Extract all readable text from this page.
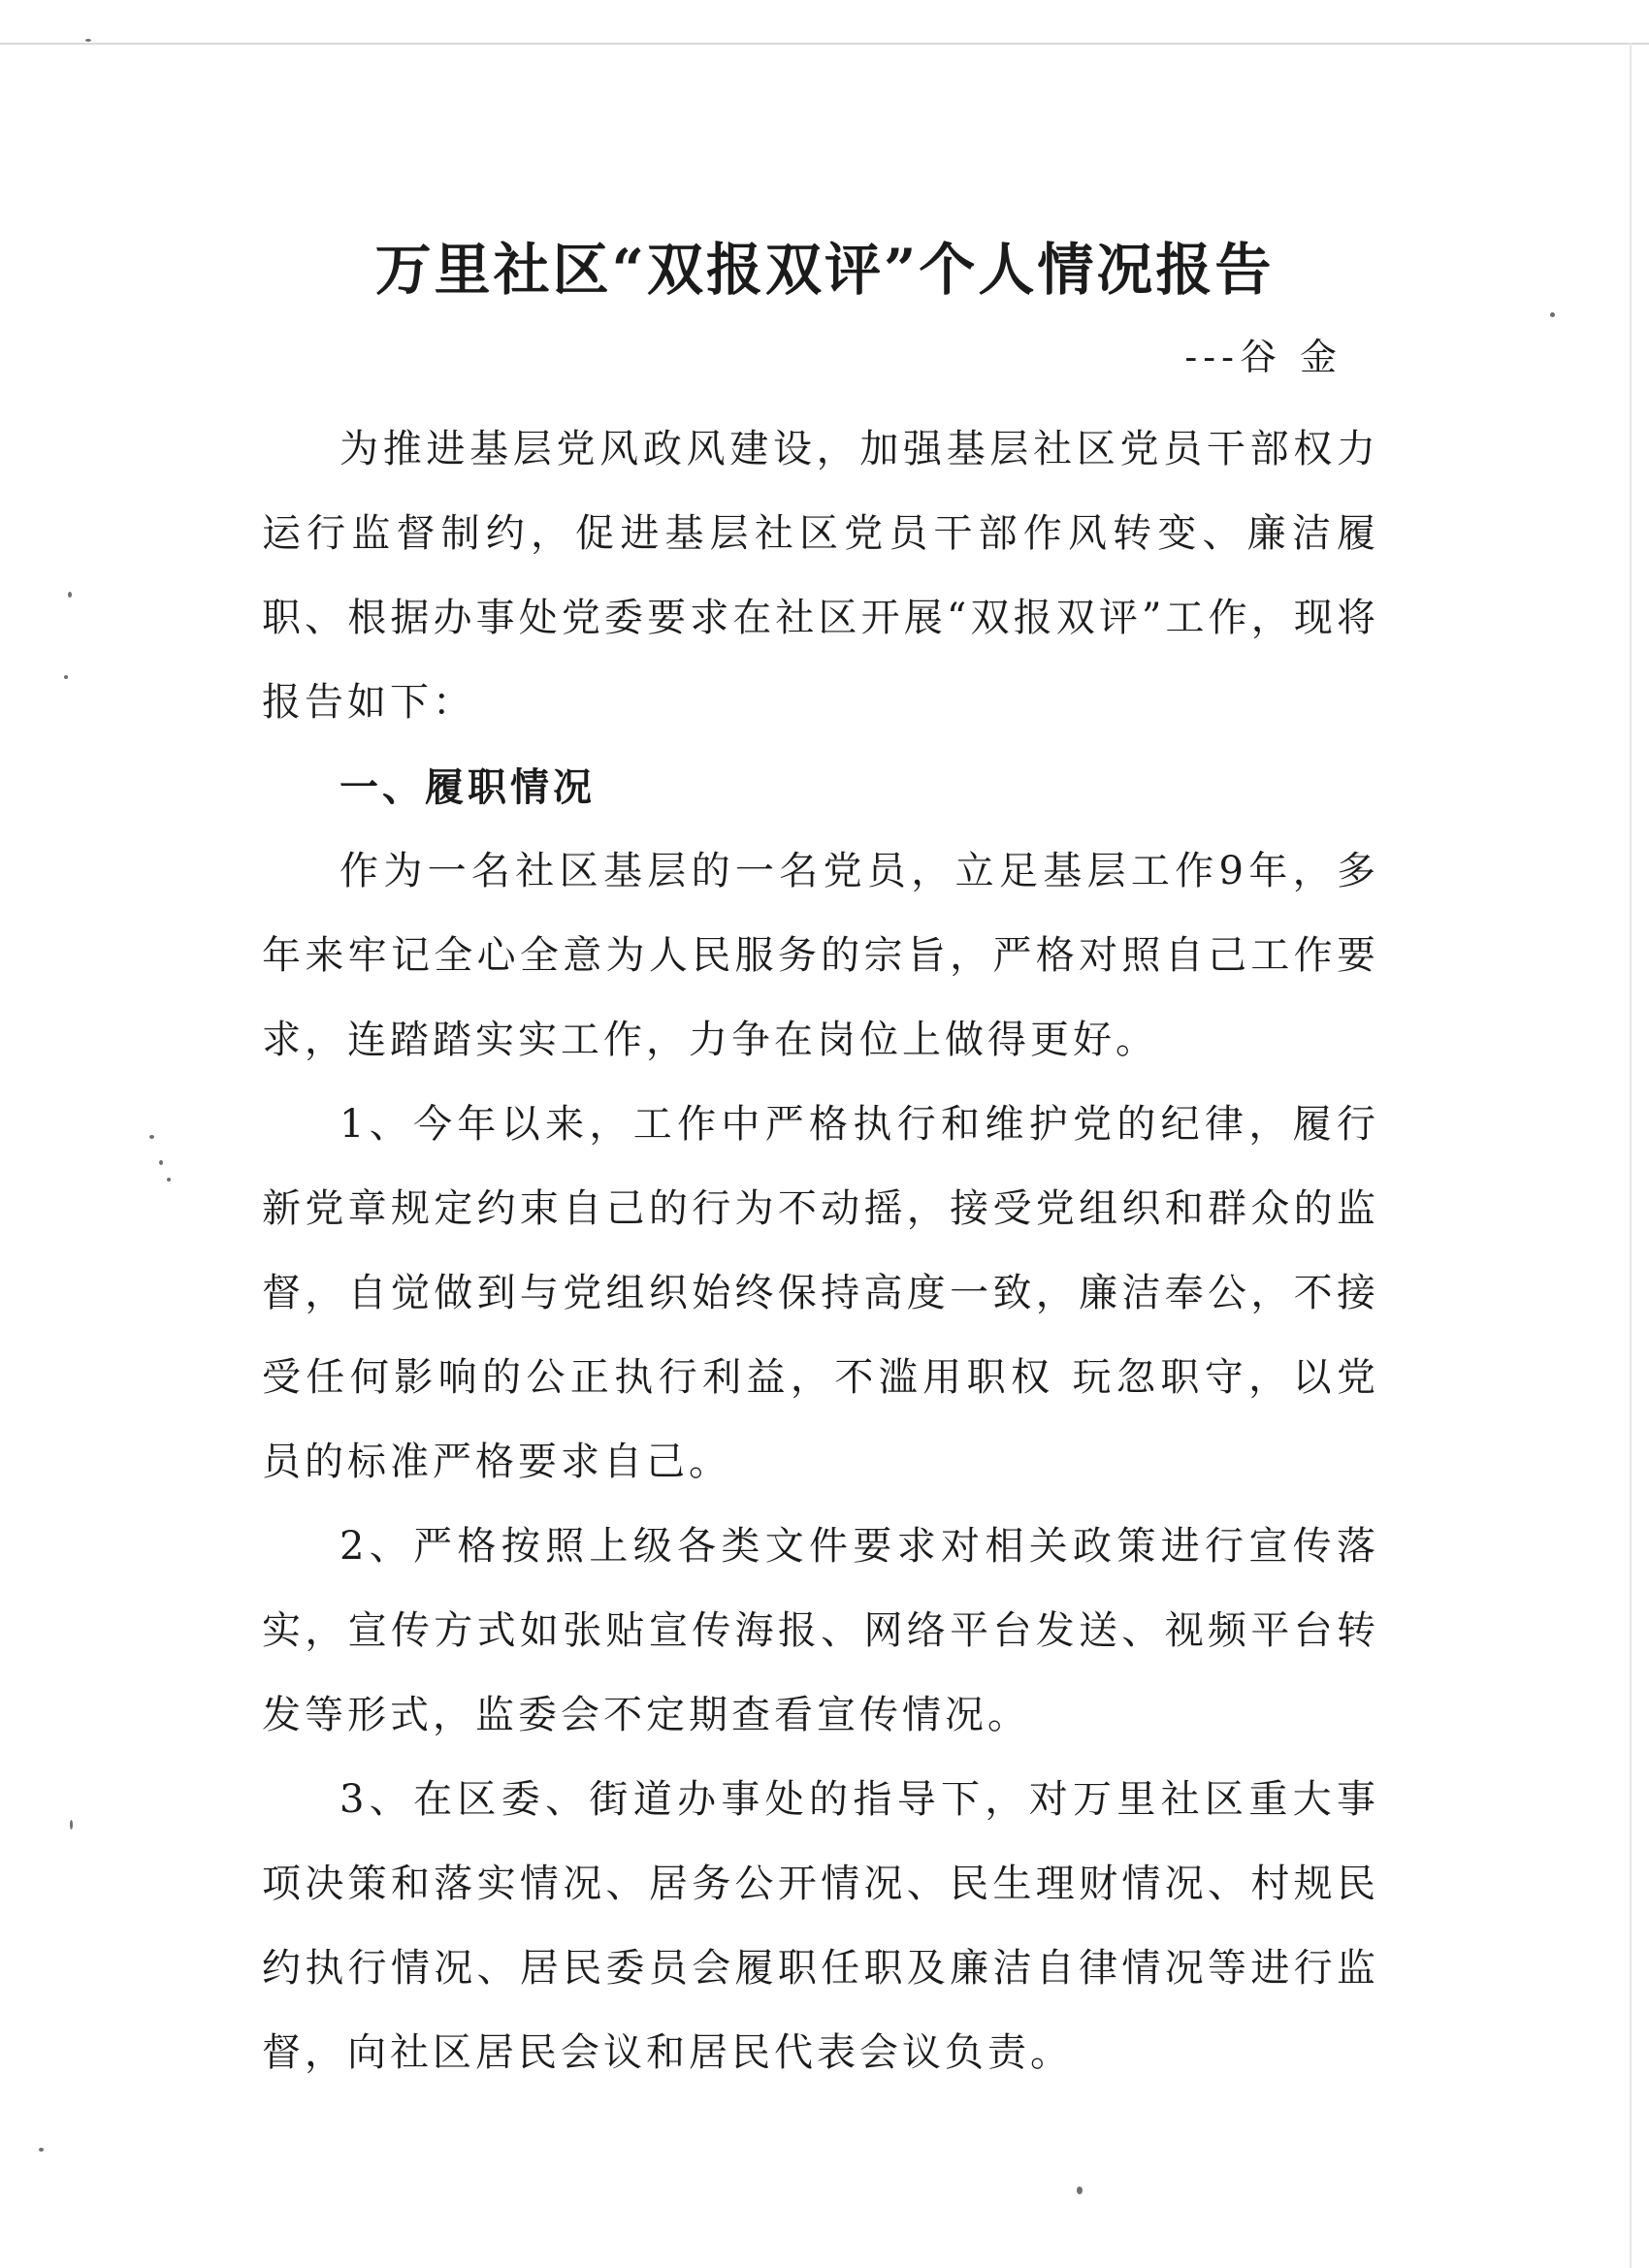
万里社区“双报双评”个人情况报告
---谷 金

为推进基层党风政风建设，加强基层社区党员干部权力运行监督制约，促进基层社区党员干部作风转变、廉洁履职、根据办事处党委要求在社区开展“双报双评”工作，现将报告如下：

一、履职情况

作为一名社区基层的一名党员，立足基层工作9年，多年来牢记全心全意为人民服务的宗旨，严格对照自己工作要求，连踏踏实实工作，力争在岗位上做得更好。

1、今年以来，工作中严格执行和维护党的纪律，履行新党章规定约束自己的行为不动摇，接受党组织和群众的监督，自觉做到与党组织始终保持高度一致，廉洁奉公，不接受任何影响的公正执行利益，不滥用职权 玩忽职守，以党员的标准严格要求自己。

2、严格按照上级各类文件要求对相关政策进行宣传落实，宣传方式如张贴宣传海报、网络平台发送、视频平台转发等形式，监委会不定期查看宣传情况。

3、在区委、街道办事处的指导下，对万里社区重大事项决策和落实情况、居务公开情况、民生理财情况、村规民约执行情况、居民委员会履职任职及廉洁自律情况等进行监督，向社区居民会议和居民代表会议负责。
